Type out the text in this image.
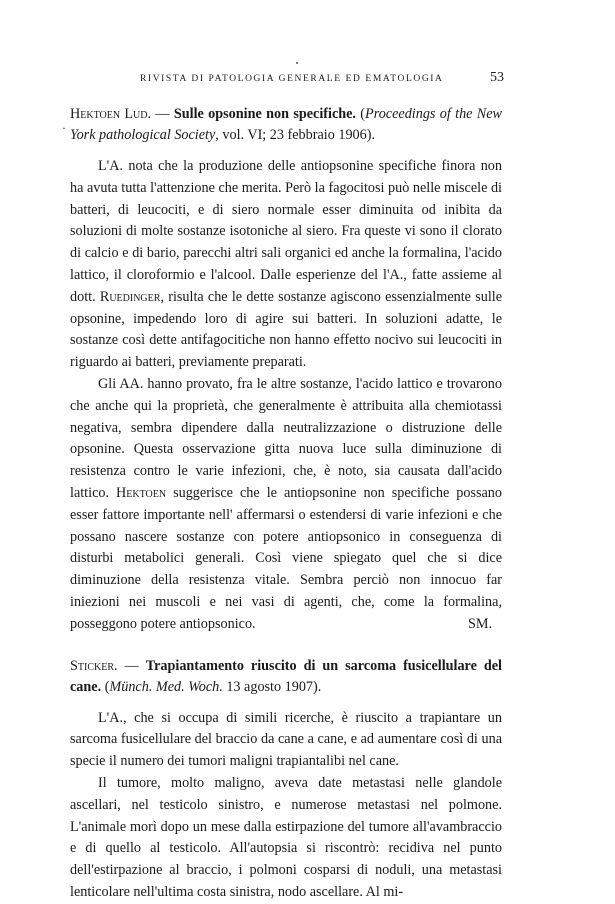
·
RIVISTA DI PATOLOGIA GENERALE ED EMATOLOGIA	53
Hektoen Lud. — Sulle opsonine non specifiche. (Proceedings of the New York pathological Society, vol. VI; 23 febbraio 1906).

L'A. nota che la produzione delle antiopsonine specifiche finora non ha avuta tutta l'attenzione che merita. Però la fagocitosi può nelle miscele di batteri, di leucociti, e di siero normale esser diminuita od inibita da soluzioni di molte sostanze isotoniche al siero. Fra queste vi sono il clorato di calcio e di bario, parecchi altri sali organici ed anche la formalina, l'acido lattico, il cloroformio e l'alcool. Dalle esperienze del l'A., fatte assieme al dott. Ruedinger, risulta che le dette sostanze agiscono essenzialmente sulle opsonine, impedendo loro di agire sui batteri. In soluzioni adatte, le sostanze così dette antifagocitiche non hanno effetto nocivo sui leucociti in riguardo ai batteri, previamente preparati.

Gli AA. hanno provato, fra le altre sostanze, l'acido lattico e trovarono che anche qui la proprietà, che generalmente è attribuita alla chemiotassi negativa, sembra dipendere dalla neutralizzazione o distruzione delle opsonine. Questa osservazione gitta nuova luce sulla diminuzione di resistenza contro le varie infezioni, che, è noto, sia causata dall'acido lattico. Hektoen suggerisce che le antiopsonine non specifiche possano esser fattore importante nell' affermarsi o estendersi di varie infezioni e che possano nascere sostanze con potere antiopsonico in conseguenza di disturbi metabolici generali. Così viene spiegato quel che si dice diminuzione della resistenza vitale. Sembra perciò non innocuo far iniezioni nei muscoli e nei vasi di agenti, che, come la formalina, posseggono potere antiopsonico.	SM.
Sticker. — Trapiantamento riuscito di un sarcoma fusicellulare del cane. (Münch. Med. Woch. 13 agosto 1907).

L'A., che si occupa di simili ricerche, è riuscito a trapiantare un sarcoma fusicellulare del braccio da cane a cane, e ad aumentare così di una specie il numero dei tumori maligni trapiantalibi nel cane.

Il tumore, molto maligno, aveva date metastasi nelle glandole ascellari, nel testicolo sinistro, e numerose metastasi nel polmone. L'animale morì dopo un mese dalla estirpazione del tumore all'avambraccio e di quello al testicolo. All'autopsia si riscontrò: recidiva nel punto dell'estirpazione al braccio, i polmoni cosparsi di noduli, una metastasi lenticolare nell'ultima costa sinistra, nodo ascellare. Al mi-
